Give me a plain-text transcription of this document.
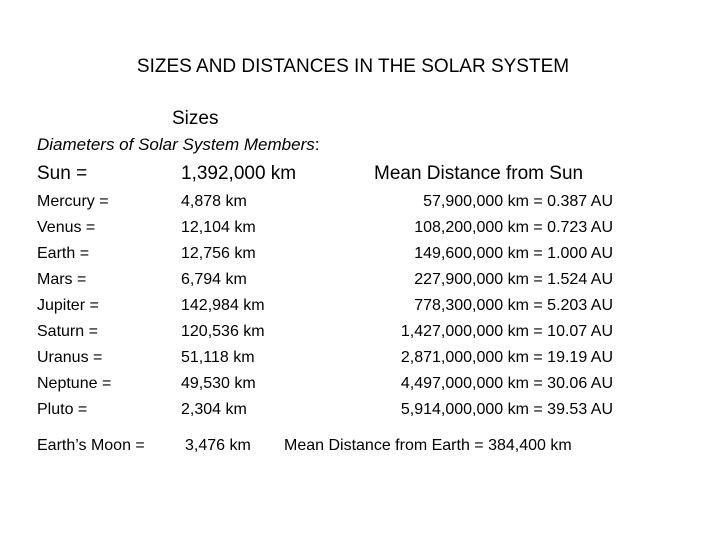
SIZES AND DISTANCES IN THE SOLAR SYSTEM
Sizes
Diameters of Solar System Members:
Sun =	1,392,000 km	Mean Distance from Sun
Mercury =	4,878 km	57,900,000 km = 0.387 AU
Venus =	12,104 km	108,200,000 km = 0.723 AU
Earth =	12,756 km	149,600,000 km = 1.000 AU
Mars =	6,794 km	227,900,000 km = 1.524 AU
Jupiter =	142,984 km	778,300,000 km = 5.203 AU
Saturn =	120,536 km	1,427,000,000 km = 10.07 AU
Uranus =	51,118 km	2,871,000,000 km = 19.19 AU
Neptune =	49,530 km	4,497,000,000 km = 30.06 AU
Pluto =	2,304 km	5,914,000,000 km = 39.53 AU
Earth’s Moon =	3,476 km Mean Distance from Earth = 384,400 km
